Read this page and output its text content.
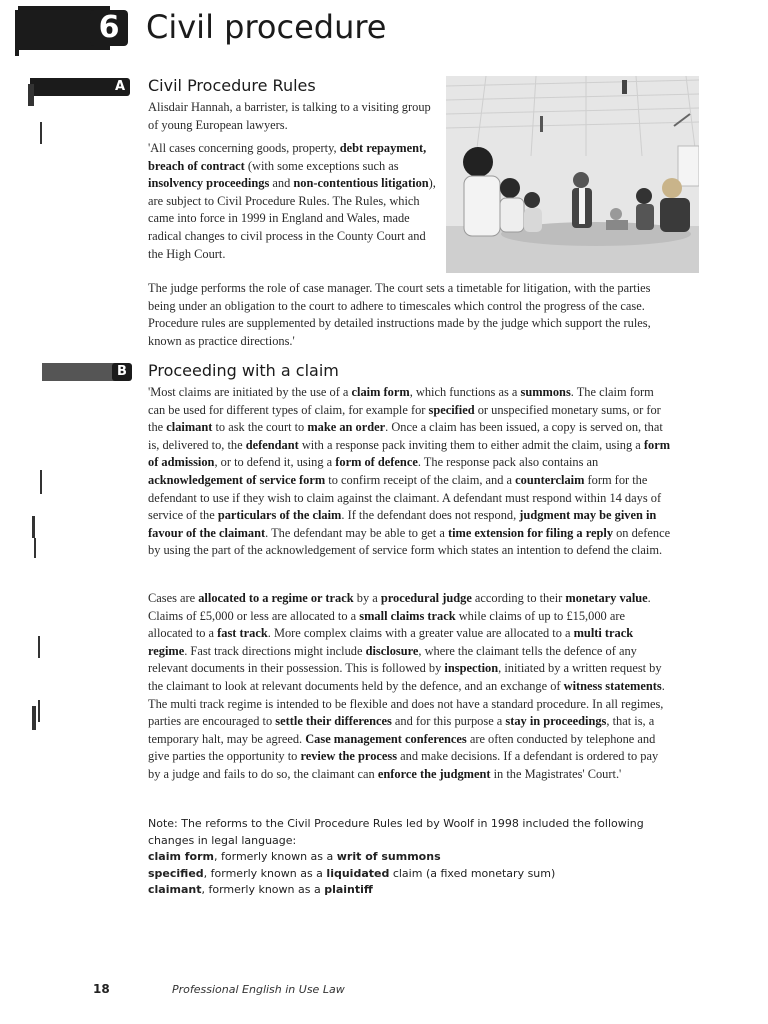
6 Civil procedure
A	Civil Procedure Rules

Alisdair Hannah, a barrister, is talking to a visiting group of young European lawyers.

'All cases concerning goods, property, debt repayment, breach of contract (with some exceptions such as insolvency proceedings and non-contentious litigation), are subject to Civil Procedure Rules. The Rules, which came into force in 1999 in England and Wales, made radical changes to civil process in the County Court and the High Court.

The judge performs the role of case manager. The court sets a timetable for litigation, with the parties being under an obligation to the court to adhere to timescales which control the progress of the case. Procedure rules are supplemented by detailed instructions made by the judge which support the rules, known as practice directions.'

B	Proceeding with a claim

'Most claims are initiated by the use of a claim form, which functions as a summons. The claim form can be used for different types of claim, for example for specified or unspecified monetary sums, or for the claimant to ask the court to make an order. Once a claim has been issued, a copy is served on, that is, delivered to, the defendant with a response pack inviting them to either admit the claim, using a form of admission, or to defend it, using a form of defence. The response pack also contains an acknowledgement of service form to confirm receipt of the claim, and a counterclaim form for the defendant to use if they wish to claim against the claimant. A defendant must respond within 14 days of service of the particulars of the claim. If the defendant does not respond, judgment may be given in favour of the claimant. The defendant may be able to get a time extension for filing a reply on defence by using the part of the acknowledgement of service form which states an intention to defend the claim.

Cases are allocated to a regime or track by a procedural judge according to their monetary value. Claims of £5,000 or less are allocated to a small claims track while claims of up to £15,000 are allocated to a fast track. More complex claims with a greater value are allocated to a multi track regime. Fast track directions might include disclosure, where the claimant tells the defence of any relevant documents in their possession. This is followed by inspection, initiated by a written request by the claimant to look at relevant documents held by the defence, and an exchange of witness statements. The multi track regime is intended to be flexible and does not have a standard procedure. In all regimes, parties are encouraged to settle their differences and for this purpose a stay in proceedings, that is, a temporary halt, may be agreed. Case management conferences are often conducted by telephone and give parties the opportunity to review the process and make decisions. If a defendant is ordered to pay by a judge and fails to do so, the claimant can enforce the judgment in the Magistrates' Court.'

Note: The reforms to the Civil Procedure Rules led by Woolf in 1998 included the following
changes in legal language:
claim form, formerly known as a writ of summons
specified, formerly known as a liquidated claim (a fixed monetary sum)
claimant, formerly known as a plaintiff
18	Professional English in Use Law
